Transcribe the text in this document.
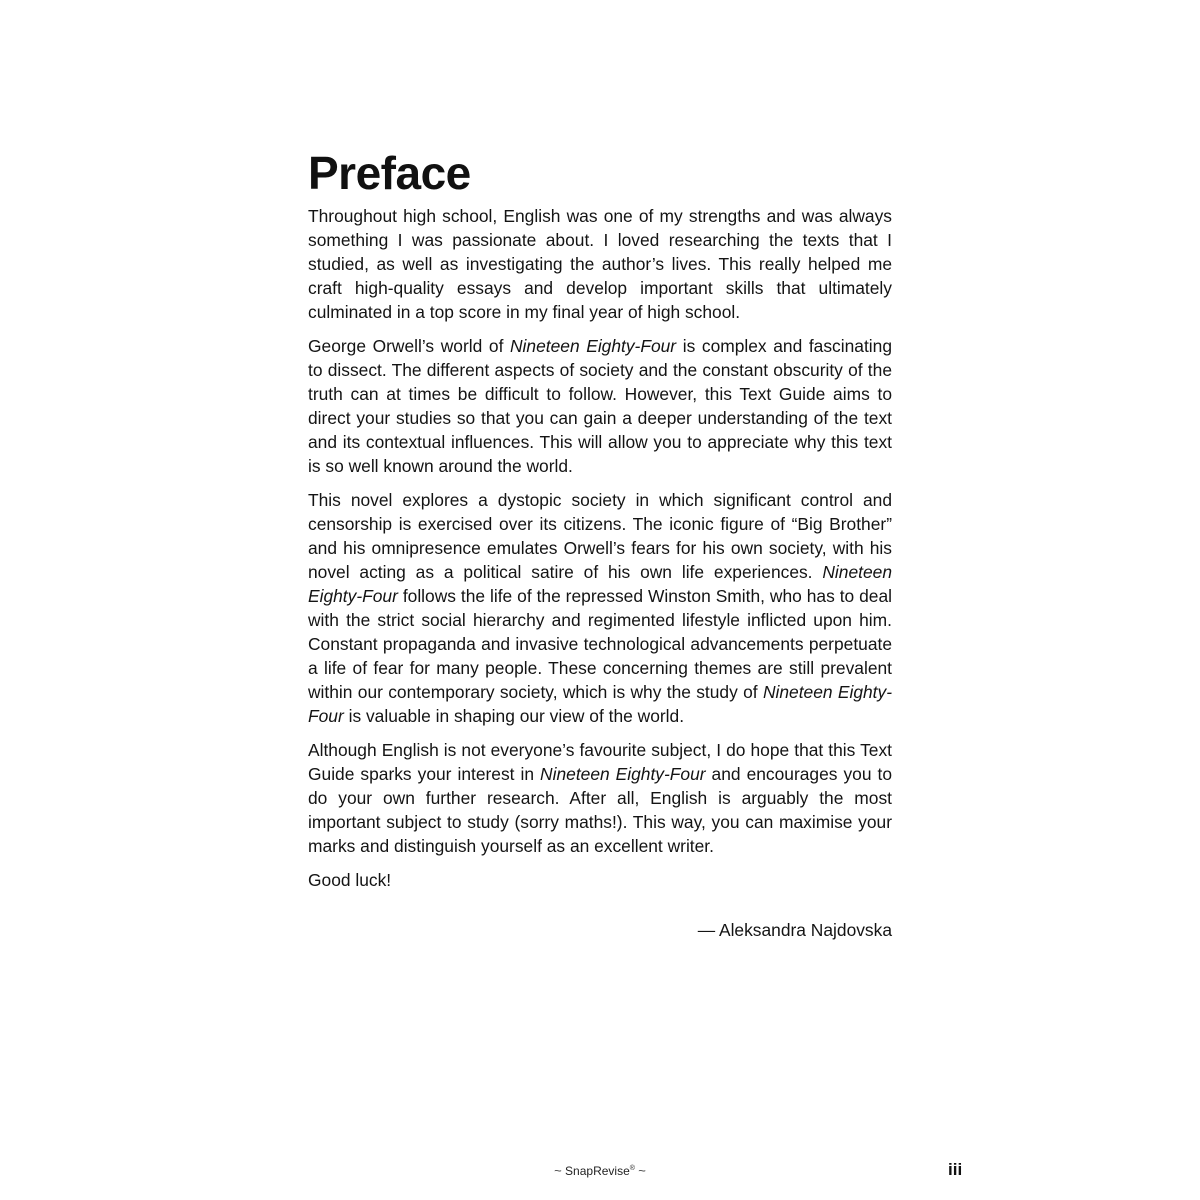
Preface

Throughout high school, English was one of my strengths and was always something I was passionate about. I loved researching the texts that I studied, as well as investigating the author’s lives. This really helped me craft high-quality essays and develop important skills that ultimately culminated in a top score in my final year of high school.

George Orwell’s world of Nineteen Eighty-Four is complex and fascinating to dissect. The different aspects of society and the constant obscurity of the truth can at times be difficult to follow. However, this Text Guide aims to direct your studies so that you can gain a deeper understanding of the text and its contextual influences. This will allow you to appreciate why this text is so well known around the world.

This novel explores a dystopic society in which significant control and censorship is exercised over its citizens. The iconic figure of “Big Brother” and his omnipresence emulates Orwell’s fears for his own society, with his novel acting as a political satire of his own life experiences. Nineteen Eighty-Four follows the life of the repressed Winston Smith, who has to deal with the strict social hierarchy and regimented lifestyle inflicted upon him. Constant propaganda and invasive technological advancements perpetuate a life of fear for many people. These concerning themes are still prevalent within our contemporary society, which is why the study of Nineteen Eighty-Four is valuable in shaping our view of the world.

Although English is not everyone’s favourite subject, I do hope that this Text Guide sparks your interest in Nineteen Eighty-Four and encourages you to do your own further research. After all, English is arguably the most important subject to study (sorry maths!). This way, you can maximise your marks and distinguish yourself as an excellent writer.

Good luck!

— Aleksandra Najdovska

~ SnapRevise® ~	iii
